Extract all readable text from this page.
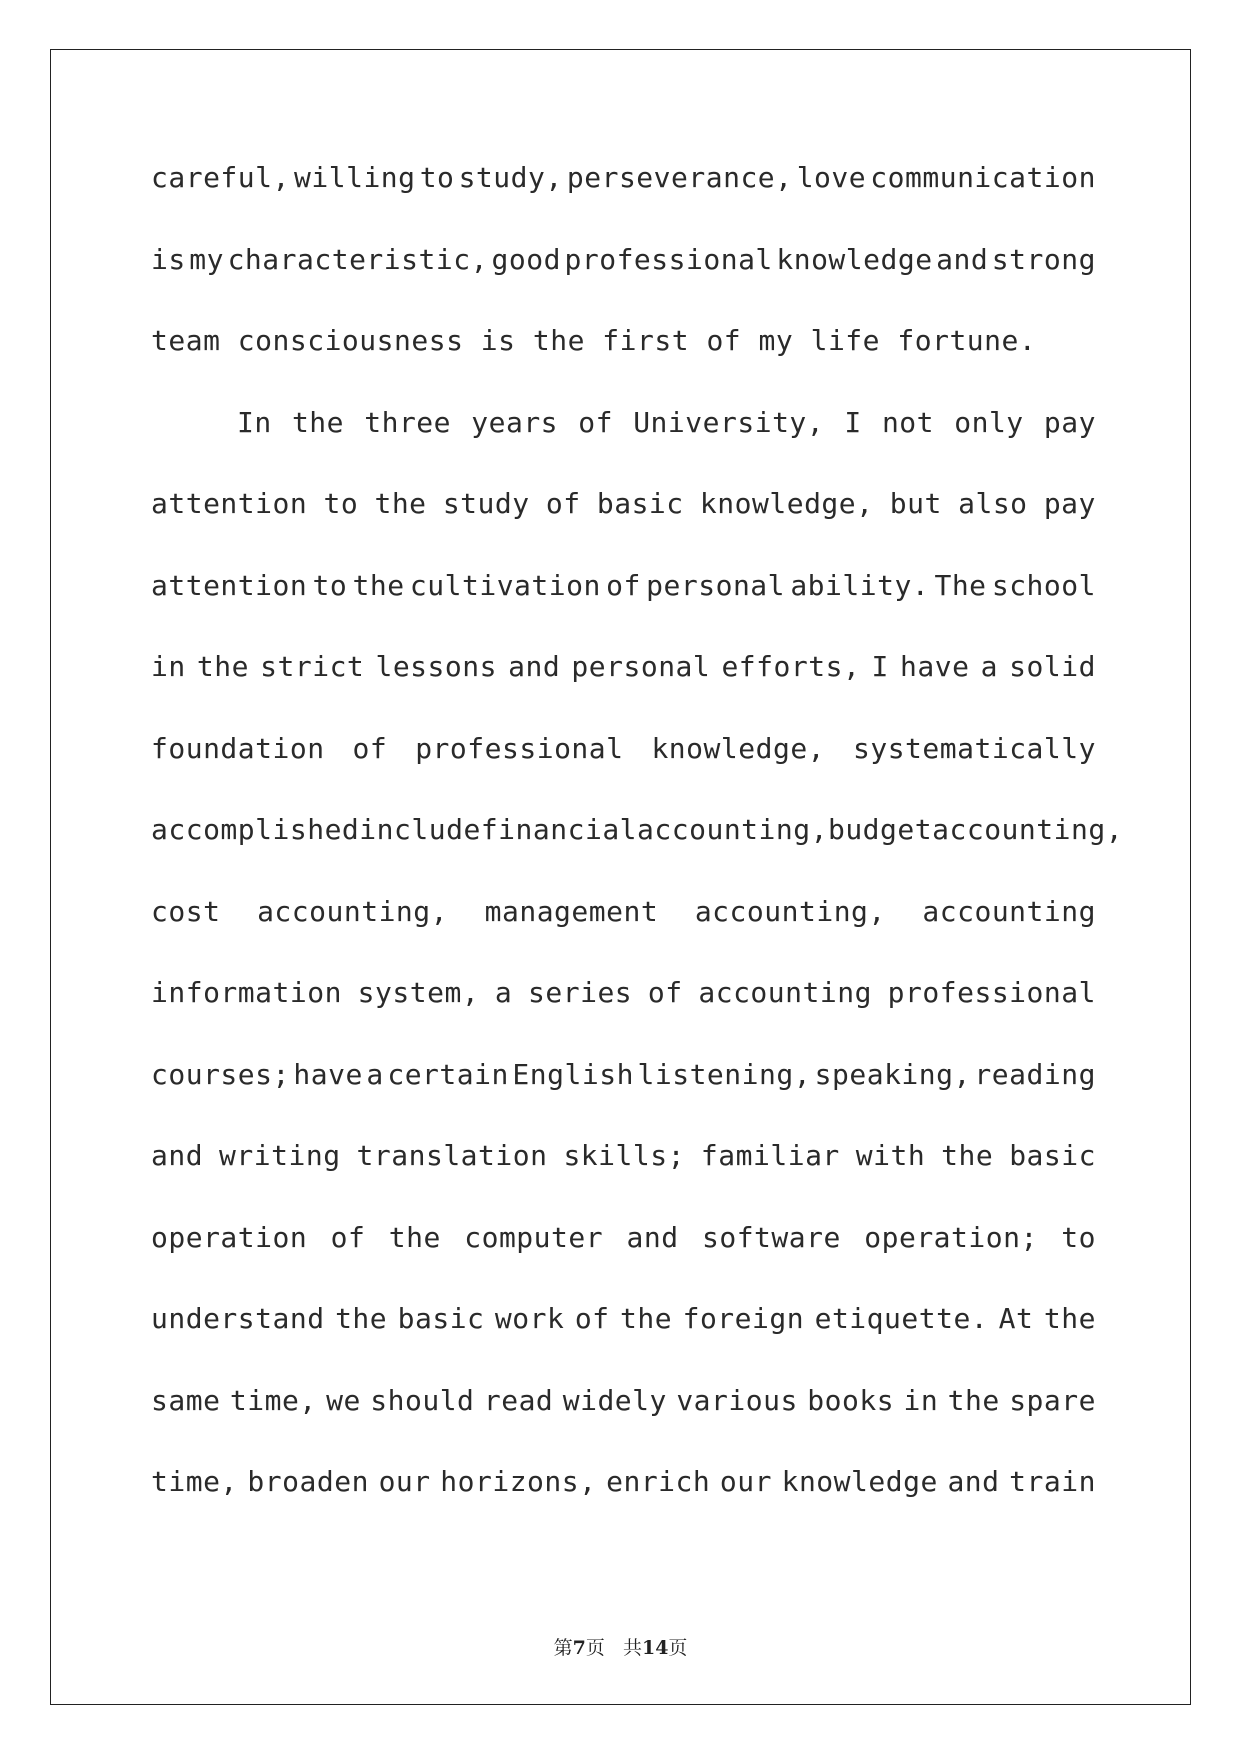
careful, willing to study, perseverance, love communication
is my characteristic, good professional knowledge and strong
team consciousness is the first of my life fortune.
In the three years of University, I not only pay
attention to the study of basic knowledge, but also pay
attention to the cultivation of personal ability. The school
in the strict lessons and personal efforts, I have a solid
foundation of professional knowledge, systematically
accomplished include financial accounting, budget accounting,
cost accounting, management accounting, accounting
information system, a series of accounting professional
courses; have a certain English listening, speaking, reading
and writing translation skills; familiar with the basic
operation of the computer and software operation; to
understand the basic work of the foreign etiquette. At the
same time, we should read widely various books in the spare
time, broaden our horizons, enrich our knowledge and train
第7页 共14页
